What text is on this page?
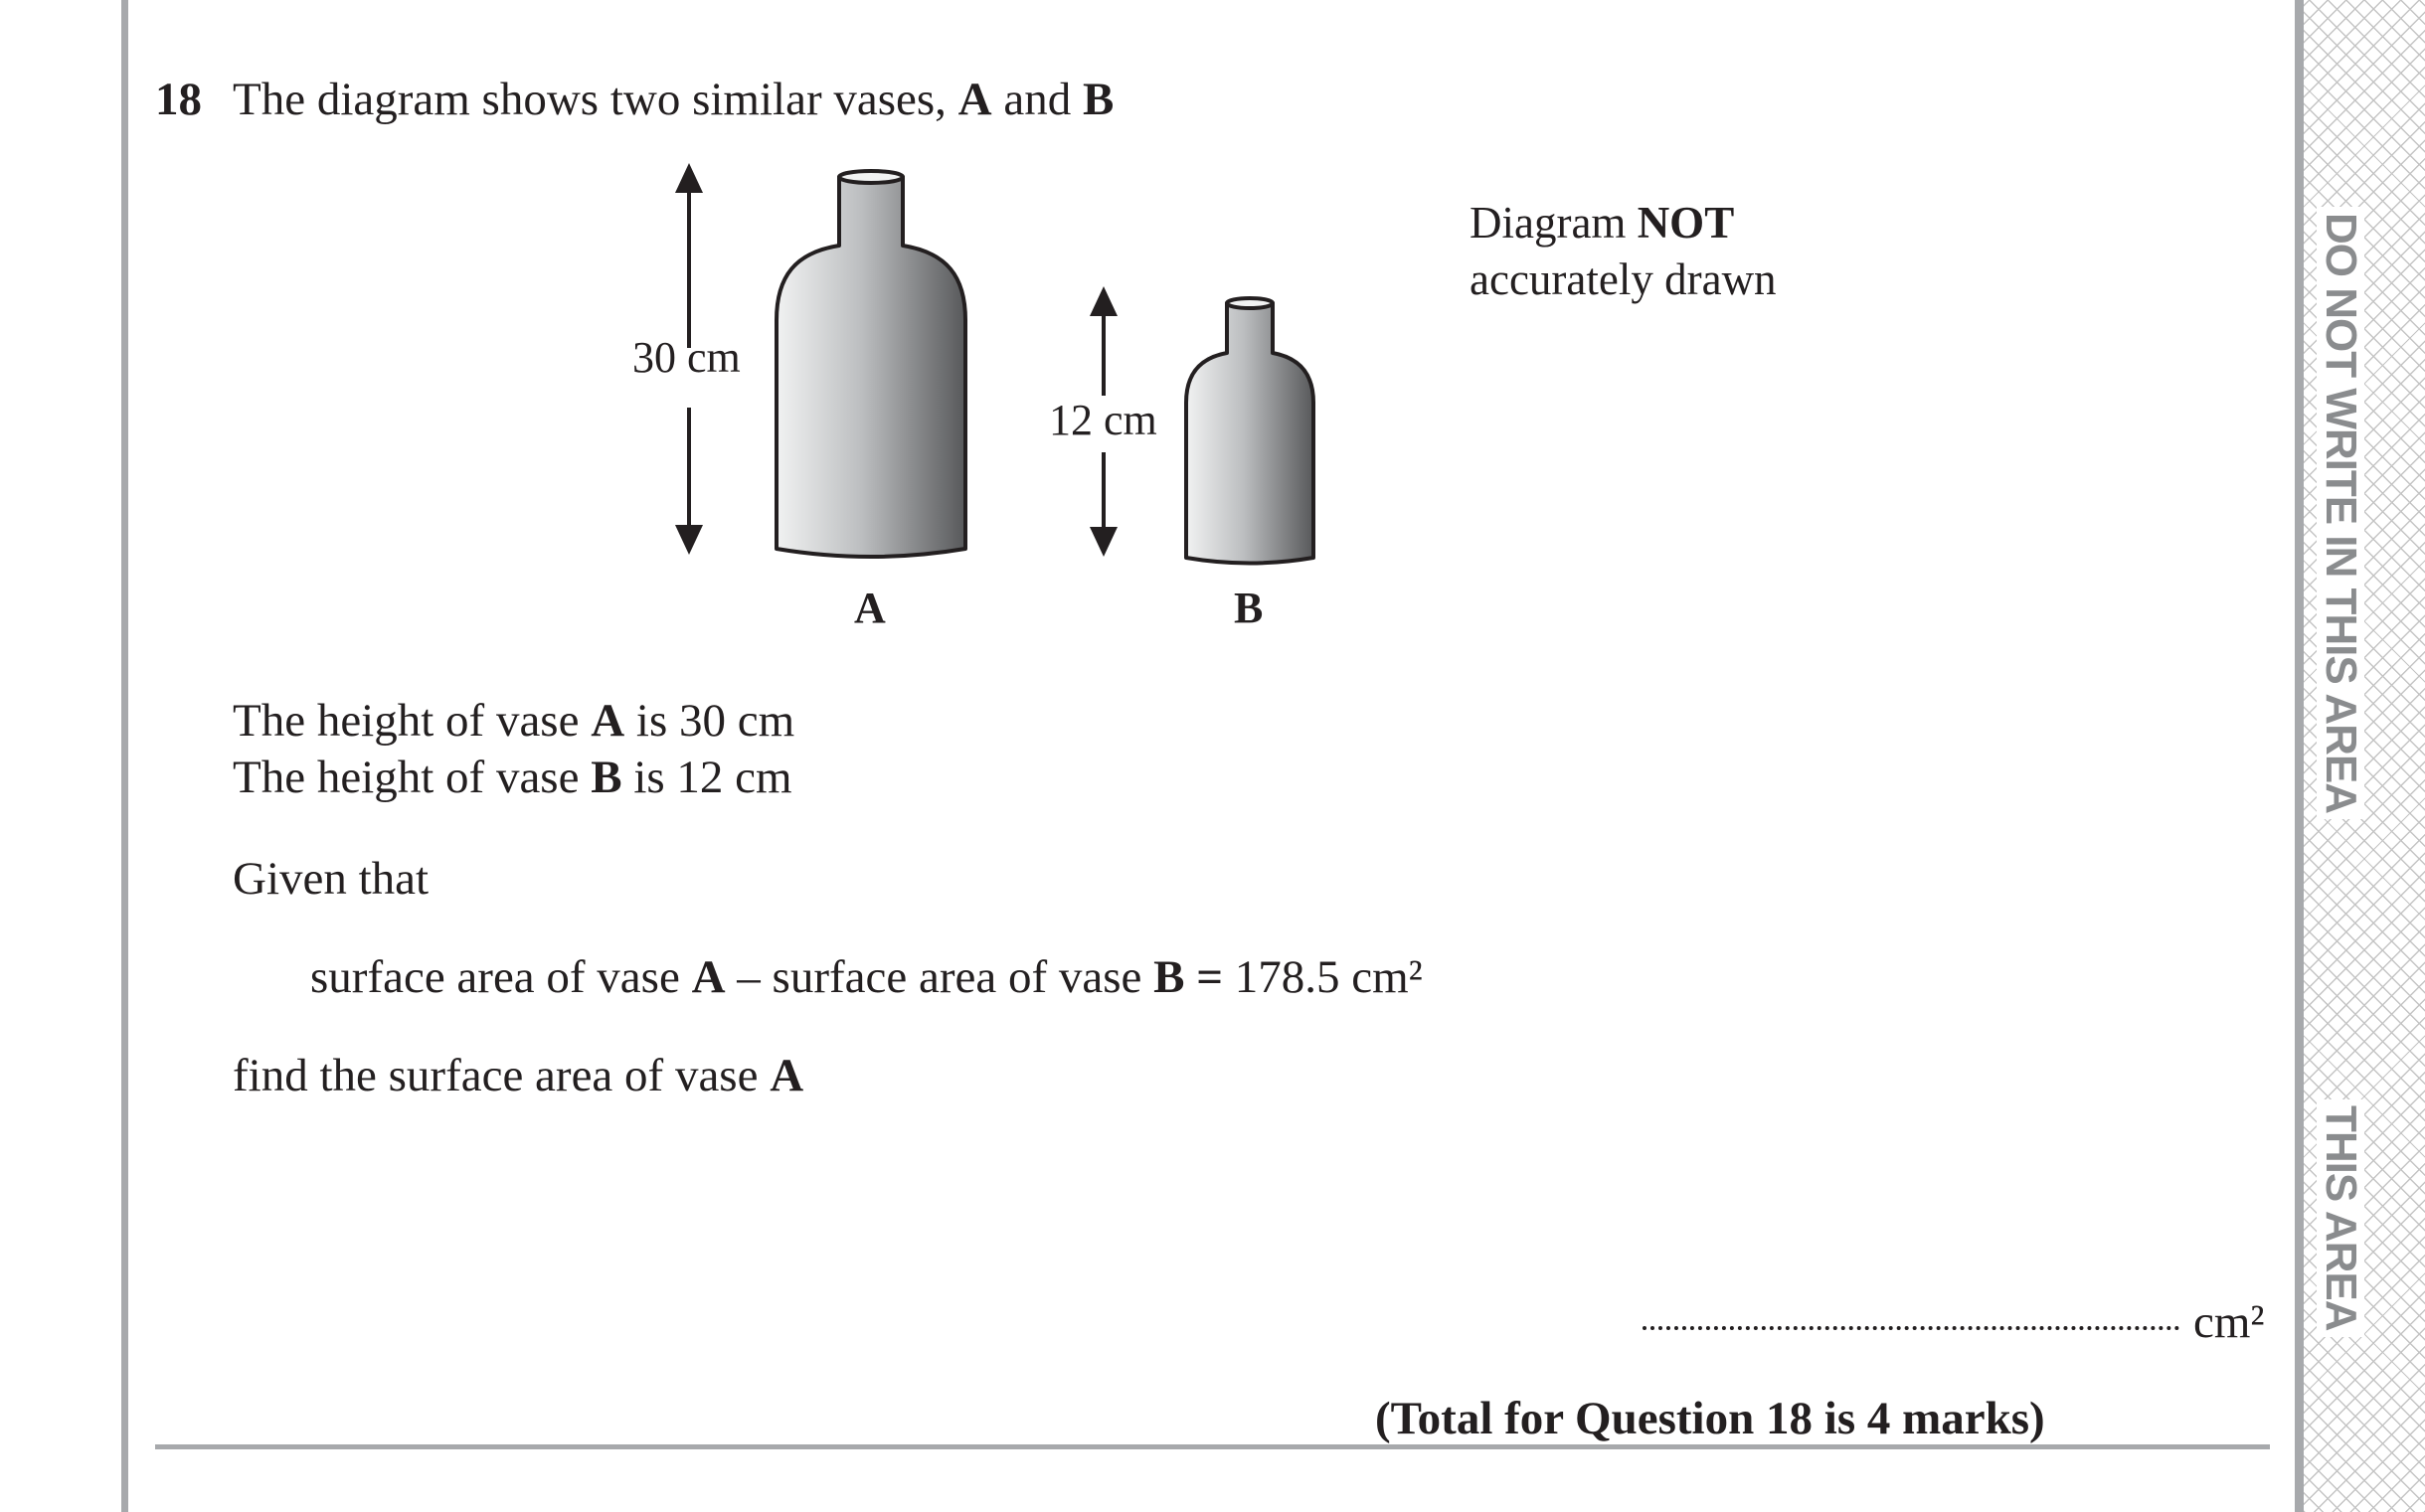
DO NOT WRITE IN THIS AREA
THIS AREA
18 The diagram shows two similar vases, A and B
30 cm
12 cm
A	B
Diagram NOT
accurately drawn
The height of vase A is 30 cm
The height of vase B is 12 cm
Given that
surface area of vase A – surface area of vase B = 178.5 cm²
find the surface area of vase A
cm²
(Total for Question 18 is 4 marks)
